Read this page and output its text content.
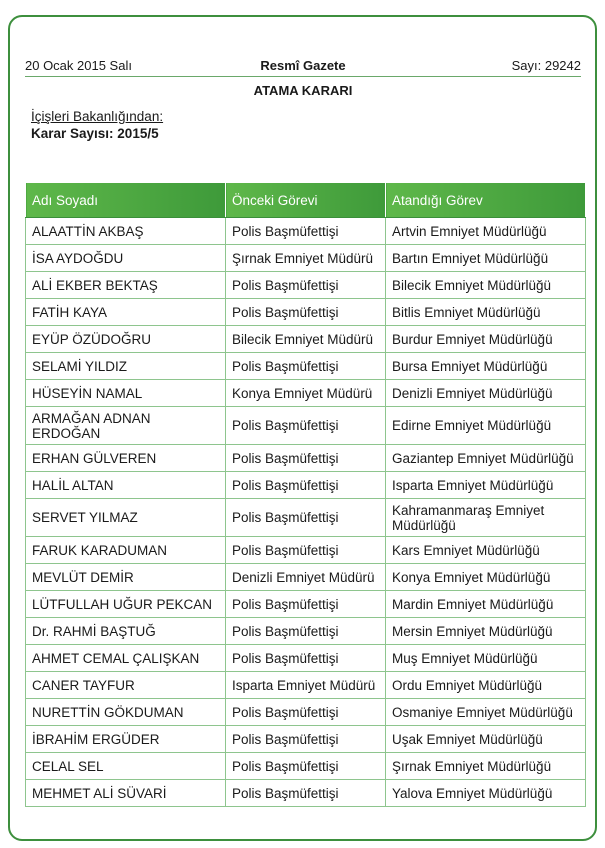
20 Ocak 2015 Salı	Resmî Gazete	Sayı: 29242
ATAMA KARARI
İçişleri Bakanlığından:
Karar Sayısı: 2015/5
Adı Soyadı	Önceki Görevi	Atandığı Görev
ALAATTİN AKBAŞ	Polis Başmüfettişi	Artvin Emniyet Müdürlüğü
İSA AYDOĞDU	Şırnak Emniyet Müdürü	Bartın Emniyet Müdürlüğü
ALİ EKBER BEKTAŞ	Polis Başmüfettişi	Bilecik Emniyet Müdürlüğü
FATİH KAYA	Polis Başmüfettişi	Bitlis Emniyet Müdürlüğü
EYÜP ÖZÜDOĞRU	Bilecik Emniyet Müdürü	Burdur Emniyet Müdürlüğü
SELAMİ YILDIZ	Polis Başmüfettişi	Bursa Emniyet Müdürlüğü
HÜSEYİN NAMAL	Konya Emniyet Müdürü	Denizli Emniyet Müdürlüğü
ARMAĞAN ADNAN ERDOĞAN	Polis Başmüfettişi	Edirne Emniyet Müdürlüğü
ERHAN GÜLVEREN	Polis Başmüfettişi	Gaziantep Emniyet Müdürlüğü
HALİL ALTAN	Polis Başmüfettişi	Isparta Emniyet Müdürlüğü
SERVET YILMAZ	Polis Başmüfettişi	Kahramanmaraş Emniyet Müdürlüğü
FARUK KARADUMAN	Polis Başmüfettişi	Kars Emniyet Müdürlüğü
MEVLÜT DEMİR	Denizli Emniyet Müdürü	Konya Emniyet Müdürlüğü
LÜTFULLAH UĞUR PEKCAN	Polis Başmüfettişi	Mardin Emniyet Müdürlüğü
Dr. RAHMİ BAŞTUĞ	Polis Başmüfettişi	Mersin Emniyet Müdürlüğü
AHMET CEMAL ÇALIŞKAN	Polis Başmüfettişi	Muş Emniyet Müdürlüğü
CANER TAYFUR	Isparta Emniyet Müdürü	Ordu Emniyet Müdürlüğü
NURETTİN GÖKDUMAN	Polis Başmüfettişi	Osmaniye Emniyet Müdürlüğü
İBRAHİM ERGÜDER	Polis Başmüfettişi	Uşak Emniyet Müdürlüğü
CELAL SEL	Polis Başmüfettişi	Şırnak Emniyet Müdürlüğü
MEHMET ALİ SÜVARİ	Polis Başmüfettişi	Yalova Emniyet Müdürlüğü
